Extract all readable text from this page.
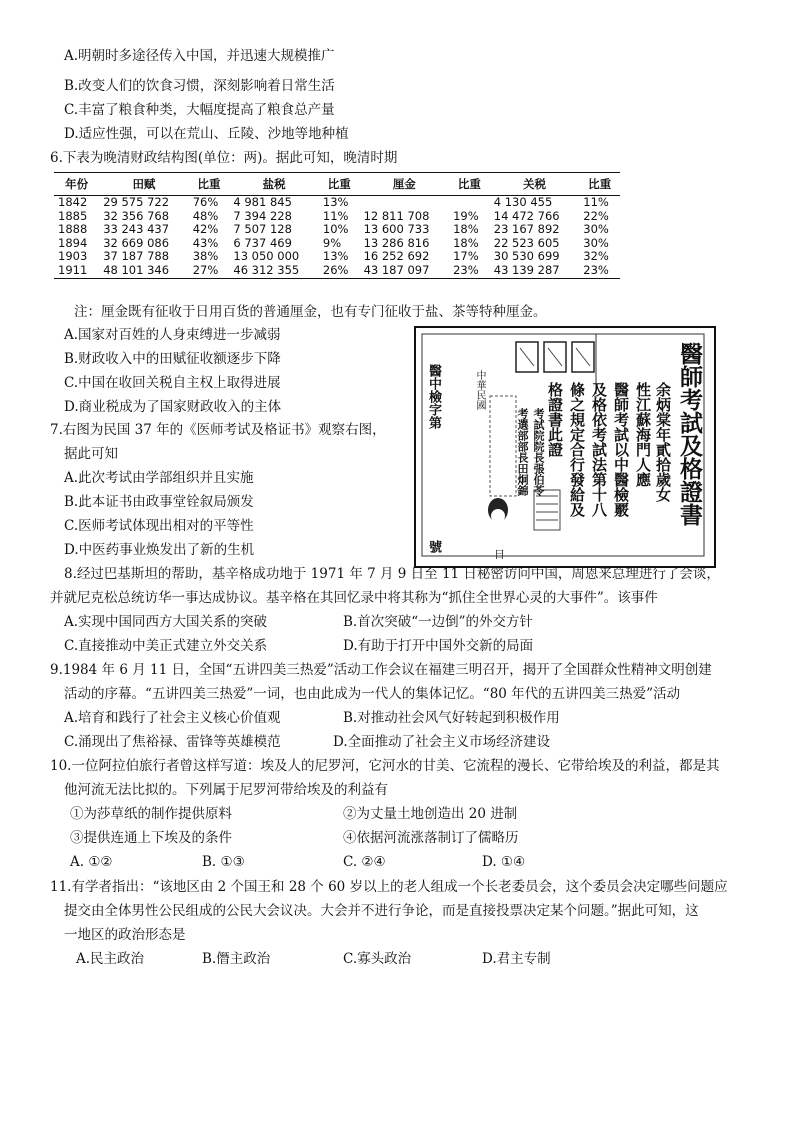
A.明朝时多途径传入中国，并迅速大规模推广
B.改变人们的饮食习惯，深刻影响着日常生活
C.丰富了粮食种类，大幅度提高了粮食总产量
D.适应性强，可以在荒山、丘陵、沙地等地种植
6.下表为晚清财政结构图(单位：两)。据此可知，晚清时期
年份	田赋	比重	盐税	比重	厘金	比重	关税	比重
1842	29 575 722	76%	4 981 845	13%			4 130 455	11%
1885	32 356 768	48%	7 394 228	11%	12 811 708	19%	14 472 766	22%
1888	33 243 437	42%	7 507 128	10%	13 600 733	18%	23 167 892	30%
1894	32 669 086	43%	6 737 469	9%	13 286 816	18%	22 523 605	30%
1903	37 187 788	38%	13 050 000	13%	16 252 692	17%	30 530 699	32%
1911	48 101 346	27%	46 312 355	26%	43 187 097	23%	43 139 287	23%
注：厘金既有征收于日用百货的普通厘金，也有专门征收于盐、茶等特种厘金。
A.国家对百姓的人身束缚进一步减弱
B.财政收入中的田赋征收额逐步下降
C.中国在收回关税自主权上取得进展
D.商业税成为了国家财政收入的主体
7.右图为民国 37 年的《医师考试及格证书》观察右图，
据此可知
A.此次考试由学部组织并且实施
B.此本证书由政事堂铨叙局颁发
C.医师考试体现出相对的平等性
D.中医药事业焕发出了新的生机
醫師考試及格證書
余炳棠年貳拾歲女
性江蘇海門人應
醫師考試以中醫檢覈
及格依考試法第十八
條之規定合行發給及
格證書此證
考試院院長張伯苓
考選部部長田炯錦
中華民國
醫中檢字第
號
日
8.经过巴基斯坦的帮助，基辛格成功地于 1971 年 7 月 9 日至 11 日秘密访问中国，周恩来总理进行了会谈，
并就尼克松总统访华一事达成协议。基辛格在其回忆录中将其称为“抓住全世界心灵的大事件”。该事件
A.实现中国同西方大国关系的突破	B.首次突破“一边倒”的外交方针
C.直接推动中美正式建立外交关系	D.有助于打开中国外交新的局面
9.1984 年 6 月 11 日，全国“五讲四美三热爱”活动工作会议在福建三明召开，揭开了全国群众性精神文明创建
活动的序幕。“五讲四美三热爱”一词，也由此成为一代人的集体记忆。“80 年代的五讲四美三热爱”活动
A.培育和践行了社会主义核心价值观	B.对推动社会风气好转起到积极作用
C.涌现出了焦裕禄、雷锋等英雄模范	D.全面推动了社会主义市场经济建设
10.一位阿拉伯旅行者曾这样写道：埃及人的尼罗河，它河水的甘美、它流程的漫长、它带给埃及的利益，都是其
他河流无法比拟的。下列属于尼罗河带给埃及的利益有
①为莎草纸的制作提供原料	②为丈量土地创造出 20 进制
③提供连通上下埃及的条件	④依据河流涨落制订了儒略历
A. ①②	B. ①③	C. ②④	D. ①④
11.有学者指出：“该地区由 2 个国王和 28 个 60 岁以上的老人组成一个长老委员会，这个委员会决定哪些问题应
提交由全体男性公民组成的公民大会议决。大会并不进行争论，而是直接投票决定某个问题。”据此可知，这
一地区的政治形态是
A.民主政治	B.僭主政治	C.寡头政治	D.君主专制
